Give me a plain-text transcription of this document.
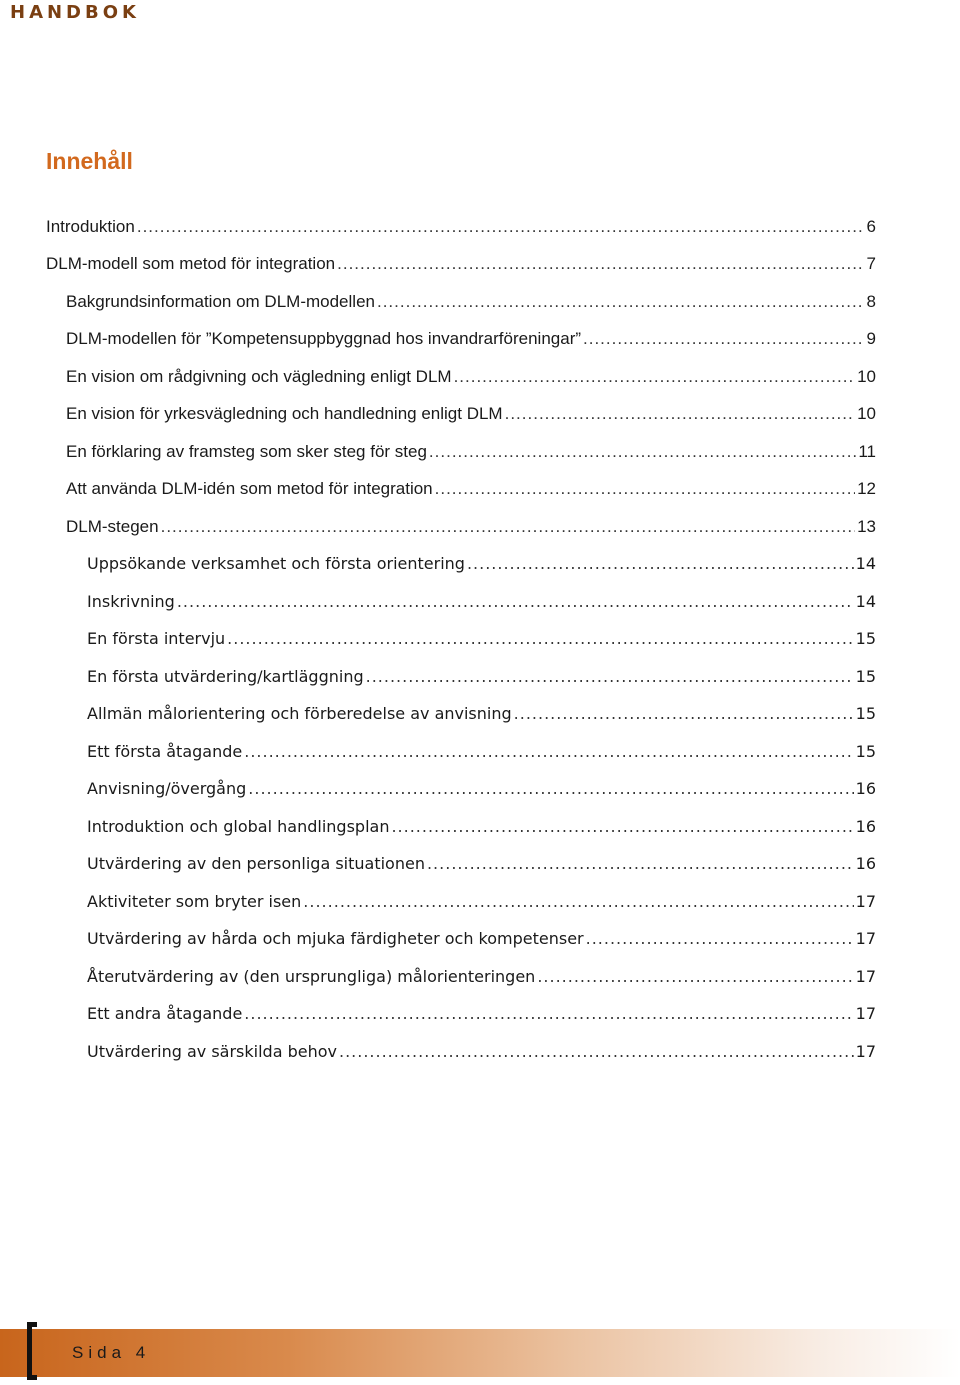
HANDBOK
Innehåll
Introduktion .....	6
DLM-modell som metod för integration .....	7
Bakgrundsinformation om DLM-modellen .....	8
DLM-modellen för ”Kompetensuppbyggnad hos invandrarföreningar” .....	9
En vision om rådgivning och vägledning enligt DLM .....	10
En vision för yrkesvägledning och handledning enligt DLM .....	10
En förklaring av framsteg som sker steg för steg .....	11
Att använda DLM-idén som metod för integration .....	12
DLM-stegen .....	13
Uppsökande verksamhet och första orientering .....	14
Inskrivning .....	14
En första intervju .....	15
En första utvärdering/kartläggning .....	15
Allmän målorientering och förberedelse av anvisning .....	15
Ett första åtagande .....	15
Anvisning/övergång .....	16
Introduktion och global handlingsplan .....	16
Utvärdering av den personliga situationen .....	16
Aktiviteter som bryter isen .....	17
Utvärdering av hårda och mjuka färdigheter och kompetenser .....	17
Återutvärdering av (den ursprungliga) målorienteringen .....	17
Ett andra åtagande .....	17
Utvärdering av särskilda behov .....	17
Sida 4
